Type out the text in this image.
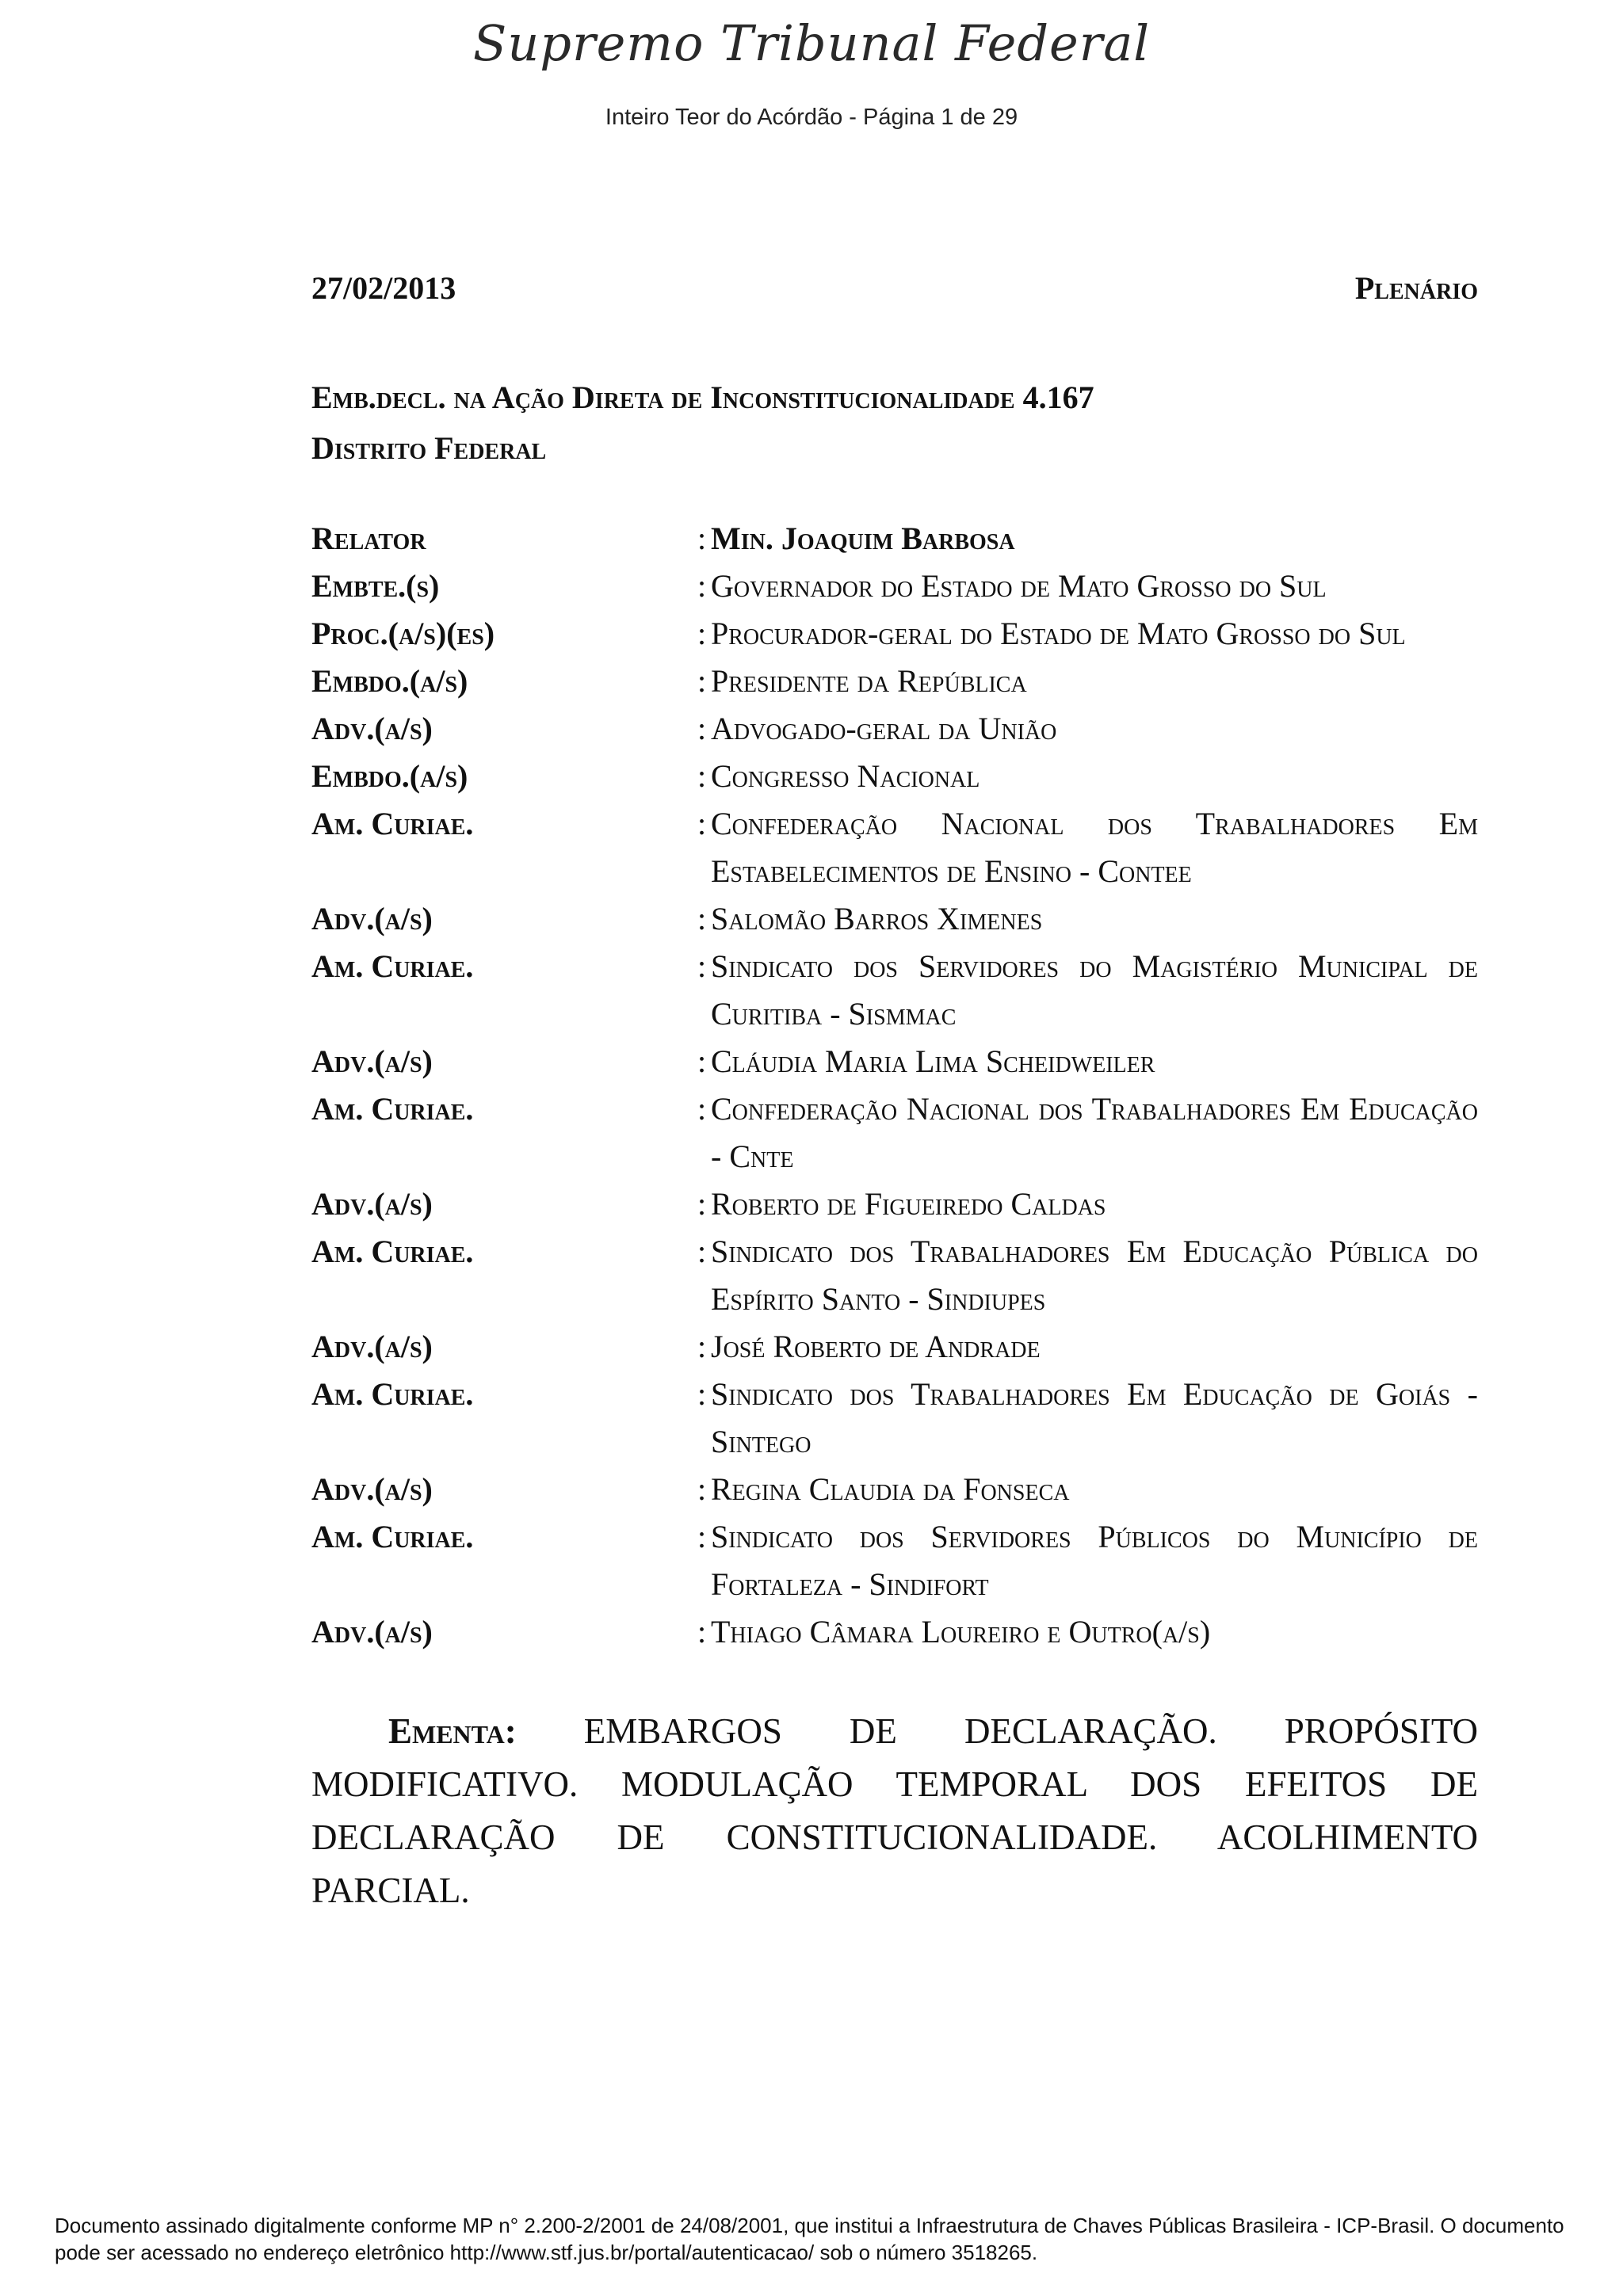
Supremo Tribunal Federal
Inteiro Teor do Acórdão - Página 1 de 29
27/02/2013	Plenário
Emb.decl. na Ação Direta de Inconstitucionalidade 4.167
Distrito Federal
Relator	: Min. Joaquim Barbosa
Embte.(s)	: Governador do Estado de Mato Grosso do Sul
Proc.(a/s)(es)	: Procurador-geral do Estado de Mato Grosso do Sul
Embdo.(a/s)	: Presidente da República
Adv.(a/s)	: Advogado-geral da União
Embdo.(a/s)	: Congresso Nacional
Am. Curiae.	: Confederação Nacional dos Trabalhadores Em Estabelecimentos de Ensino - Contee
Adv.(a/s)	: Salomão Barros Ximenes
Am. Curiae.	: Sindicato dos Servidores do Magistério Municipal de Curitiba - Sismmac
Adv.(a/s)	: Cláudia Maria Lima Scheidweiler
Am. Curiae.	: Confederação Nacional dos Trabalhadores Em Educação - Cnte
Adv.(a/s)	: Roberto de Figueiredo Caldas
Am. Curiae.	: Sindicato dos Trabalhadores Em Educação Pública do Espírito Santo - Sindiupes
Adv.(a/s)	: José Roberto de Andrade
Am. Curiae.	: Sindicato dos Trabalhadores Em Educação de Goiás - Sintego
Adv.(a/s)	: Regina Claudia da Fonseca
Am. Curiae.	: Sindicato dos Servidores Públicos do Município de Fortaleza - Sindifort
Adv.(a/s)	: Thiago Câmara Loureiro e Outro(a/s)
Ementa: EMBARGOS DE DECLARAÇÃO. PROPÓSITO MODIFICATIVO. MODULAÇÃO TEMPORAL DOS EFEITOS DE DECLARAÇÃO DE CONSTITUCIONALIDADE. ACOLHIMENTO PARCIAL.
Documento assinado digitalmente conforme MP n° 2.200-2/2001 de 24/08/2001, que institui a Infraestrutura de Chaves Públicas Brasileira - ICP-Brasil. O documento pode ser acessado no endereço eletrônico http://www.stf.jus.br/portal/autenticacao/ sob o número 3518265.
